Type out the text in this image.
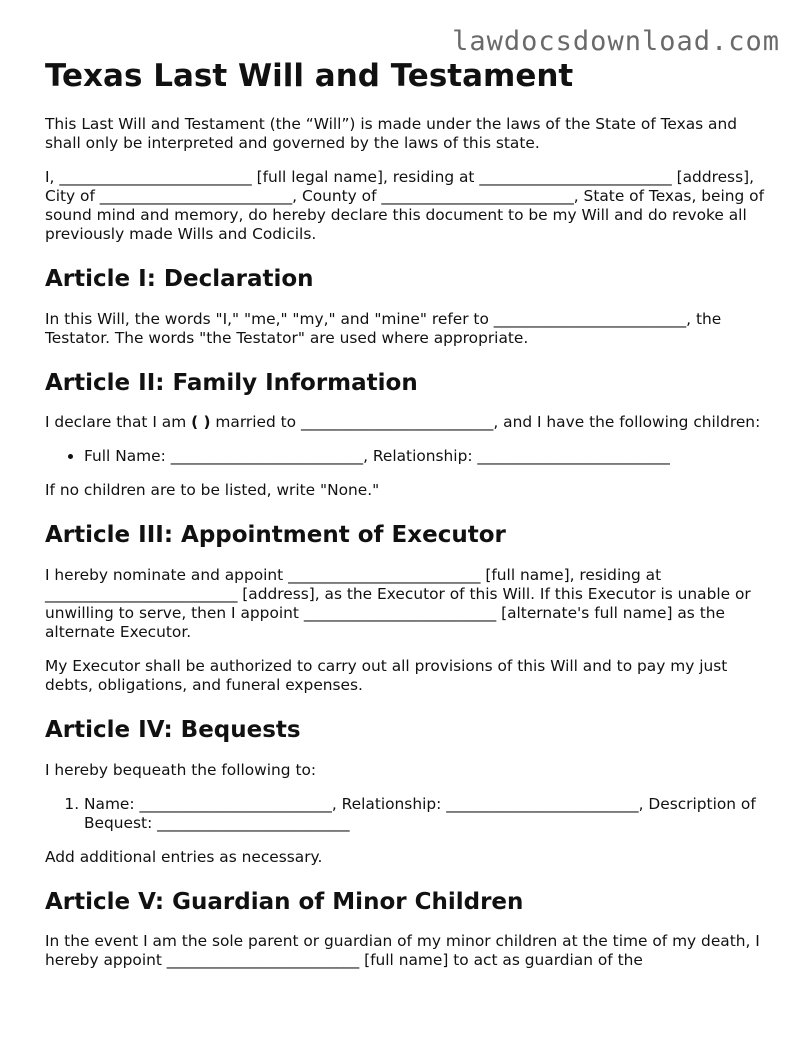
lawdocsdownload.com
Texas Last Will and Testament

This Last Will and Testament (the “Will”) is made under the laws of the State of Texas and shall only be interpreted and governed by the laws of this state.

I, _________________________ [full legal name], residing at _________________________ [address], City of _________________________, County of _________________________, State of Texas, being of sound mind and memory, do hereby declare this document to be my Will and do revoke all previously made Wills and Codicils.

Article I: Declaration

In this Will, the words "I," "me," "my," and "mine" refer to _________________________, the Testator. The words "the Testator" are used where appropriate.

Article II: Family Information

I declare that I am ( ) married to _________________________, and I have the following children:

• Full Name: _________________________, Relationship: _________________________

If no children are to be listed, write "None."

Article III: Appointment of Executor

I hereby nominate and appoint _________________________ [full name], residing at _________________________ [address], as the Executor of this Will. If this Executor is unable or unwilling to serve, then I appoint _________________________ [alternate's full name] as the alternate Executor.

My Executor shall be authorized to carry out all provisions of this Will and to pay my just debts, obligations, and funeral expenses.

Article IV: Bequests

I hereby bequeath the following to:

1. Name: _________________________, Relationship: _________________________, Description of Bequest: _________________________

Add additional entries as necessary.

Article V: Guardian of Minor Children

In the event I am the sole parent or guardian of my minor children at the time of my death, I hereby appoint _________________________ [full name] to act as guardian of the
